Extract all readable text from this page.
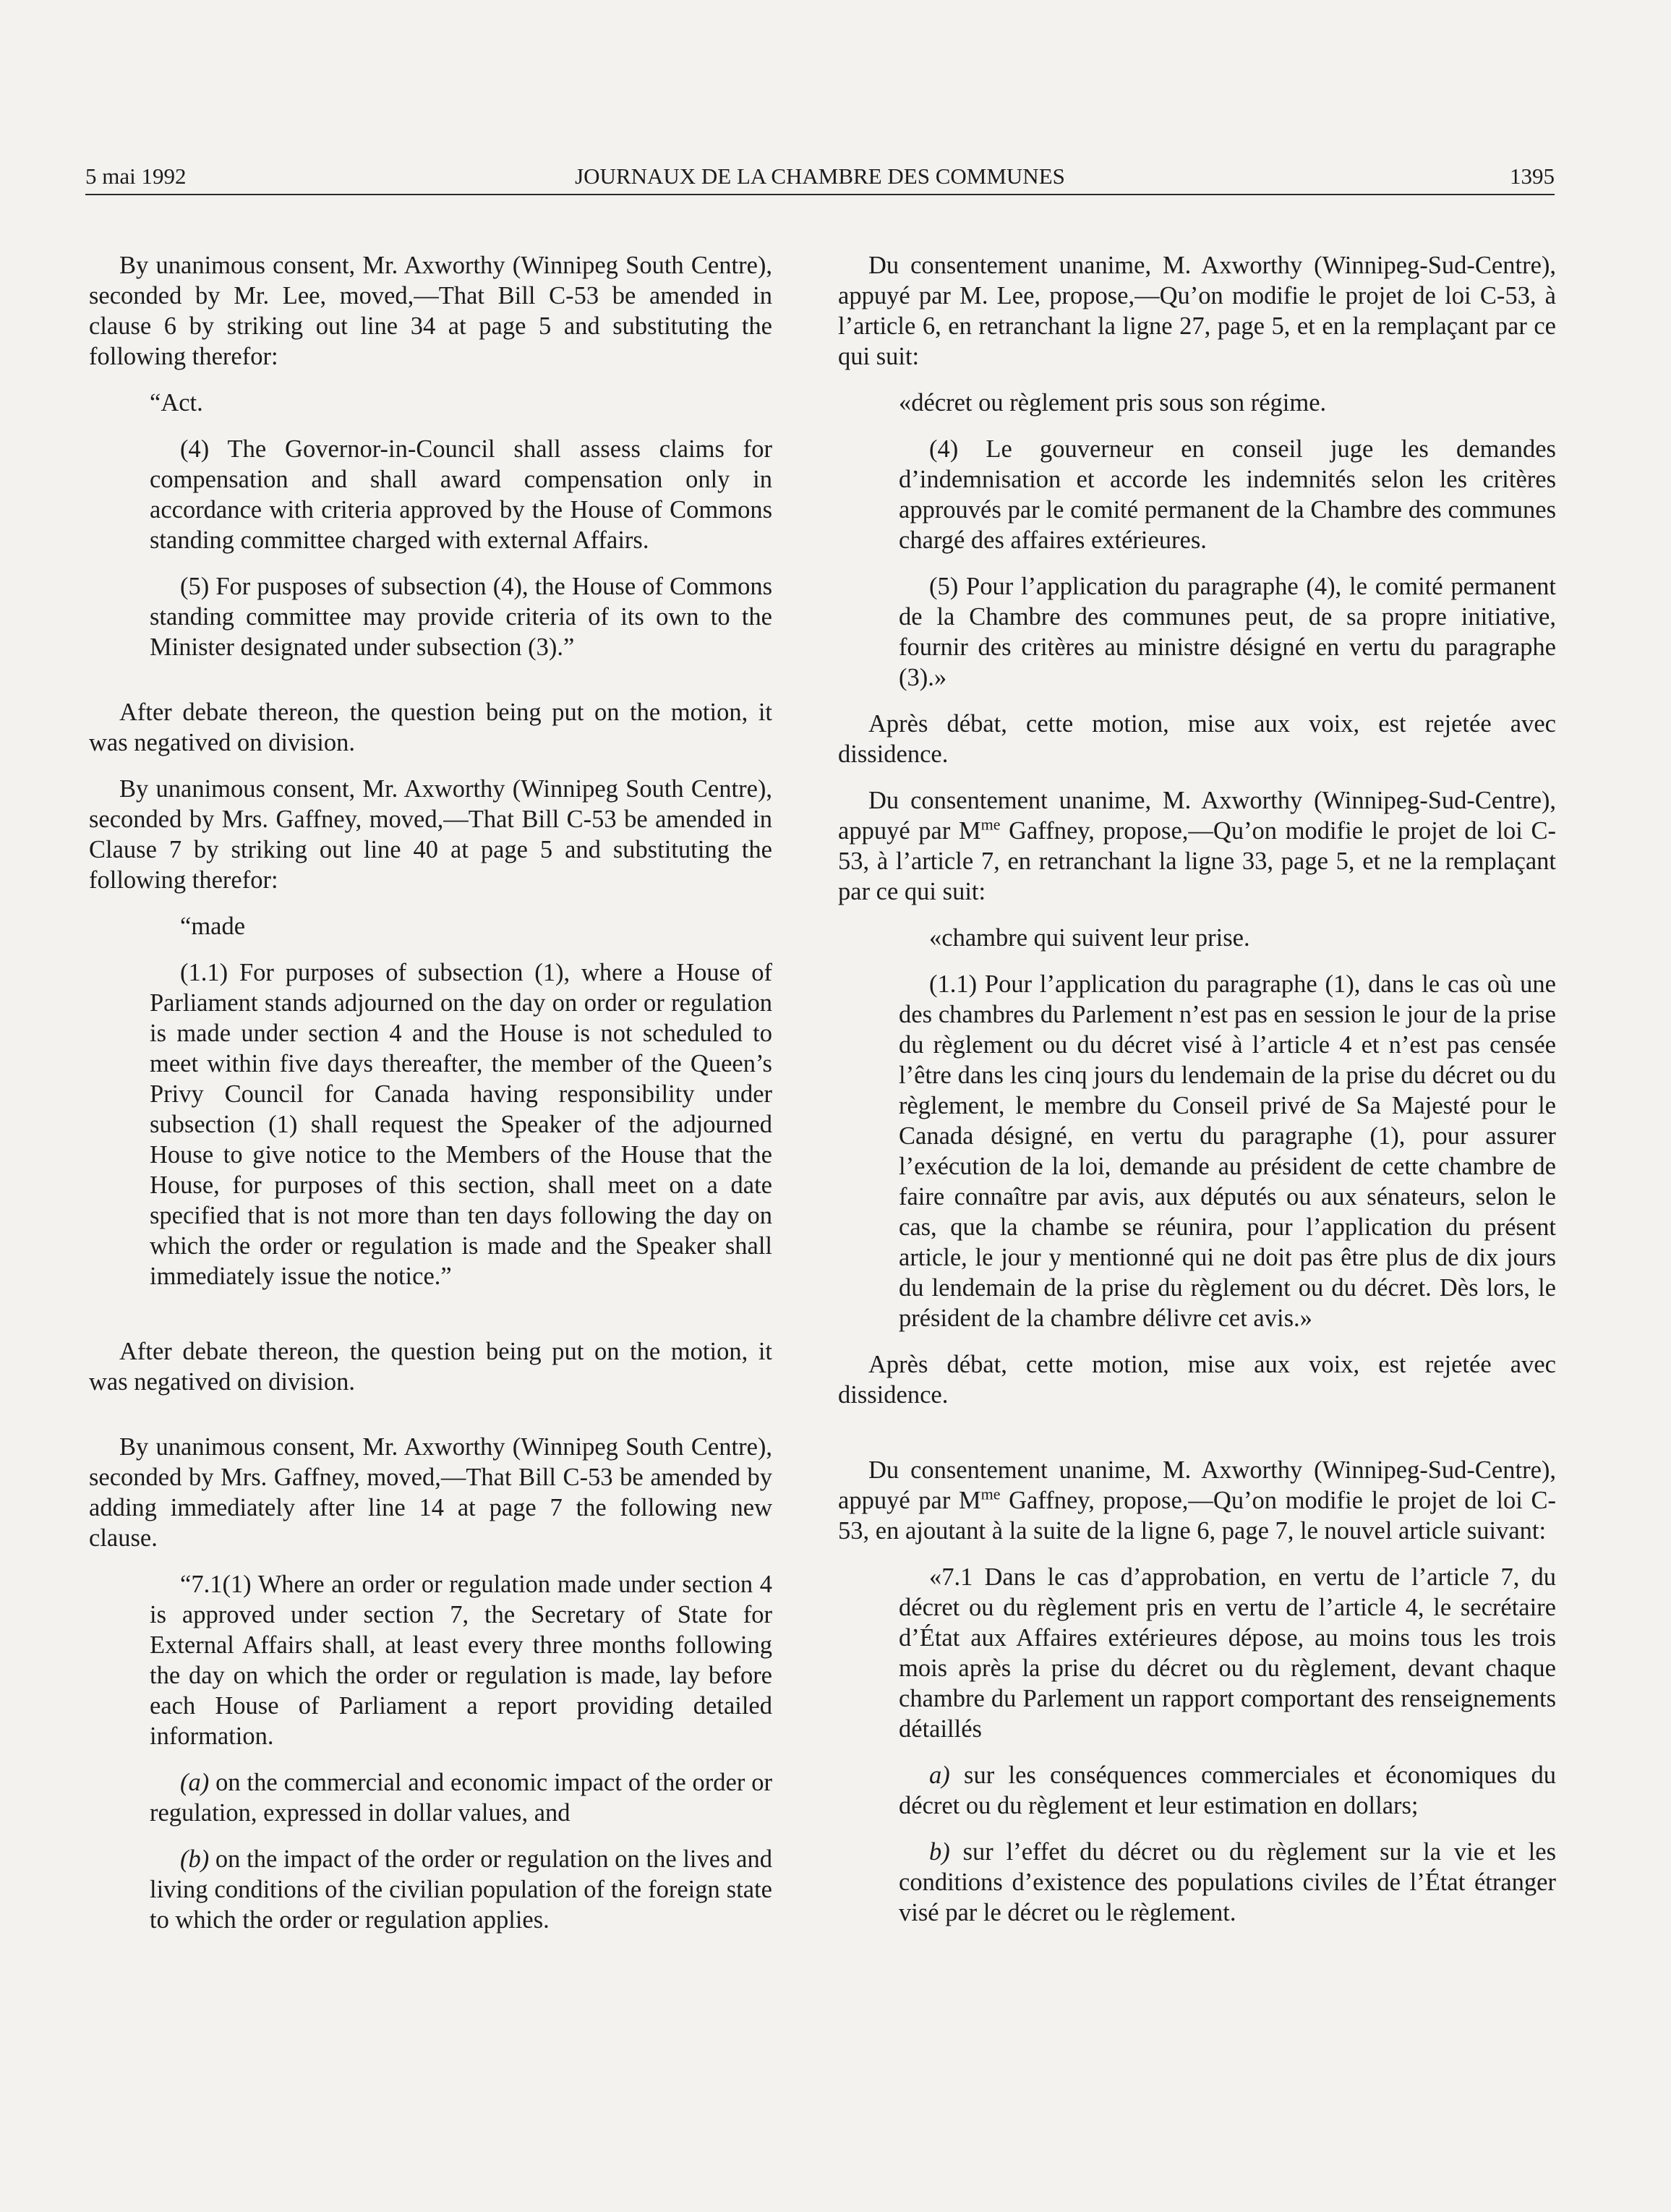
5 mai 1992	JOURNAUX DE LA CHAMBRE DES COMMUNES	1395

By unanimous consent, Mr. Axworthy (Winnipeg South Centre), seconded by Mr. Lee, moved,—That Bill C-53 be amended in clause 6 by striking out line 34 at page 5 and substituting the following therefor:

“Act.

(4) The Governor-in-Council shall assess claims for compensation and shall award compensation only in accordance with criteria approved by the House of Commons standing committee charged with external Affairs.

(5) For pusposes of subsection (4), the House of Commons standing committee may provide criteria of its own to the Minister designated under subsection (3).”

After debate thereon, the question being put on the motion, it was negatived on division.

By unanimous consent, Mr. Axworthy (Winnipeg South Centre), seconded by Mrs. Gaffney, moved,—That Bill C-53 be amended in Clause 7 by striking out line 40 at page 5 and substituting the following therefor:

“made

(1.1) For purposes of subsection (1), where a House of Parliament stands adjourned on the day on order or regulation is made under section 4 and the House is not scheduled to meet within five days thereafter, the member of the Queen’s Privy Council for Canada having responsibility under subsection (1) shall request the Speaker of the adjourned House to give notice to the Members of the House that the House, for purposes of this section, shall meet on a date specified that is not more than ten days following the day on which the order or regulation is made and the Speaker shall immediately issue the notice.”

After debate thereon, the question being put on the motion, it was negatived on division.

By unanimous consent, Mr. Axworthy (Winnipeg South Centre), seconded by Mrs. Gaffney, moved,—That Bill C-53 be amended by adding immediately after line 14 at page 7 the following new clause.

“7.1(1) Where an order or regulation made under section 4 is approved under section 7, the Secretary of State for External Affairs shall, at least every three months following the day on which the order or regulation is made, lay before each House of Parliament a report providing detailed information.

(a) on the commercial and economic impact of the order or regulation, expressed in dollar values, and

(b) on the impact of the order or regulation on the lives and living conditions of the civilian population of the foreign state to which the order or regulation applies.

Du consentement unanime, M. Axworthy (Winnipeg-Sud-Centre), appuyé par M. Lee, propose,—Qu’on modifie le projet de loi C-53, à l’article 6, en retranchant la ligne 27, page 5, et en la remplaçant par ce qui suit:

«décret ou règlement pris sous son régime.

(4) Le gouverneur en conseil juge les demandes d’indemnisation et accorde les indemnités selon les critères approuvés par le comité permanent de la Chambre des communes chargé des affaires extérieures.

(5) Pour l’application du paragraphe (4), le comité permanent de la Chambre des communes peut, de sa propre initiative, fournir des critères au ministre désigné en vertu du paragraphe (3).»

Après débat, cette motion, mise aux voix, est rejetée avec dissidence.

Du consentement unanime, M. Axworthy (Winnipeg-Sud-Centre), appuyé par $M^{me}$ Gaffney, propose,—Qu’on modifie le projet de loi C-53, à l’article 7, en retranchant la ligne 33, page 5, et ne la remplaçant par ce qui suit:

«chambre qui suivent leur prise.

(1.1) Pour l’application du paragraphe (1), dans le cas où une des chambres du Parlement n’est pas en session le jour de la prise du règlement ou du décret visé à l’article 4 et n’est pas censée l’être dans les cinq jours du lendemain de la prise du décret ou du règlement, le membre du Conseil privé de Sa Majesté pour le Canada désigné, en vertu du paragraphe (1), pour assurer l’exécution de la loi, demande au président de cette chambre de faire connaître par avis, aux députés ou aux sénateurs, selon le cas, que la chambe se réunira, pour l’application du présent article, le jour y mentionné qui ne doit pas être plus de dix jours du lendemain de la prise du règlement ou du décret. Dès lors, le président de la chambre délivre cet avis.»

Après débat, cette motion, mise aux voix, est rejetée avec dissidence.

Du consentement unanime, M. Axworthy (Winnipeg-Sud-Centre), appuyé par $M^{me}$ Gaffney, propose,—Qu’on modifie le projet de loi C-53, en ajoutant à la suite de la ligne 6, page 7, le nouvel article suivant:

«7.1 Dans le cas d’approbation, en vertu de l’article 7, du décret ou du règlement pris en vertu de l’article 4, le secrétaire d’État aux Affaires extérieures dépose, au moins tous les trois mois après la prise du décret ou du règlement, devant chaque chambre du Parlement un rapport comportant des renseignements détaillés

a) sur les conséquences commerciales et économiques du décret ou du règlement et leur estimation en dollars;

b) sur l’effet du décret ou du règlement sur la vie et les conditions d’existence des populations civiles de l’État étranger visé par le décret ou le règlement.
